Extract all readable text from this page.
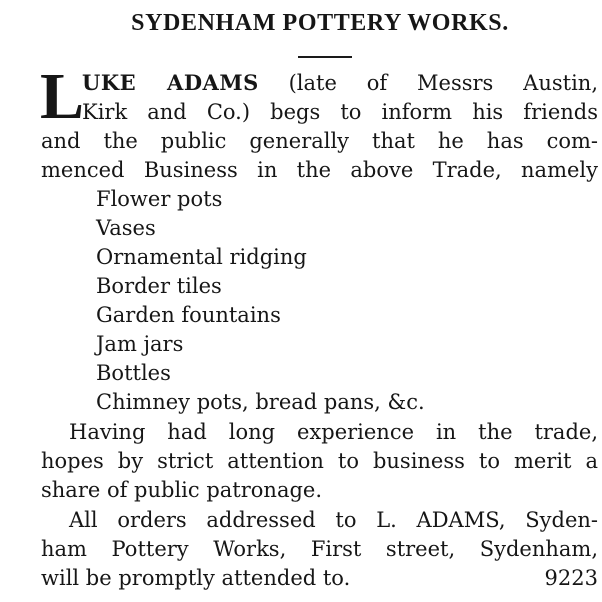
SYDENHAM POTTERY WORKS.
L
UKE ADAMS (late of Messrs Austin,
Kirk and Co.) begs to inform his friends
and the public generally that he has com-
menced Business in the above Trade, namely
Flower pots
Vases
Ornamental ridging
Border tiles
Garden fountains
Jam jars
Bottles
Chimney pots, bread pans, &c.
Having had long experience in the trade,
hopes by strict attention to business to merit a
share of public patronage.
All orders addressed to L. ADAMS, Syden-
ham Pottery Works, First street, Sydenham,
will be promptly attended to.	9223
